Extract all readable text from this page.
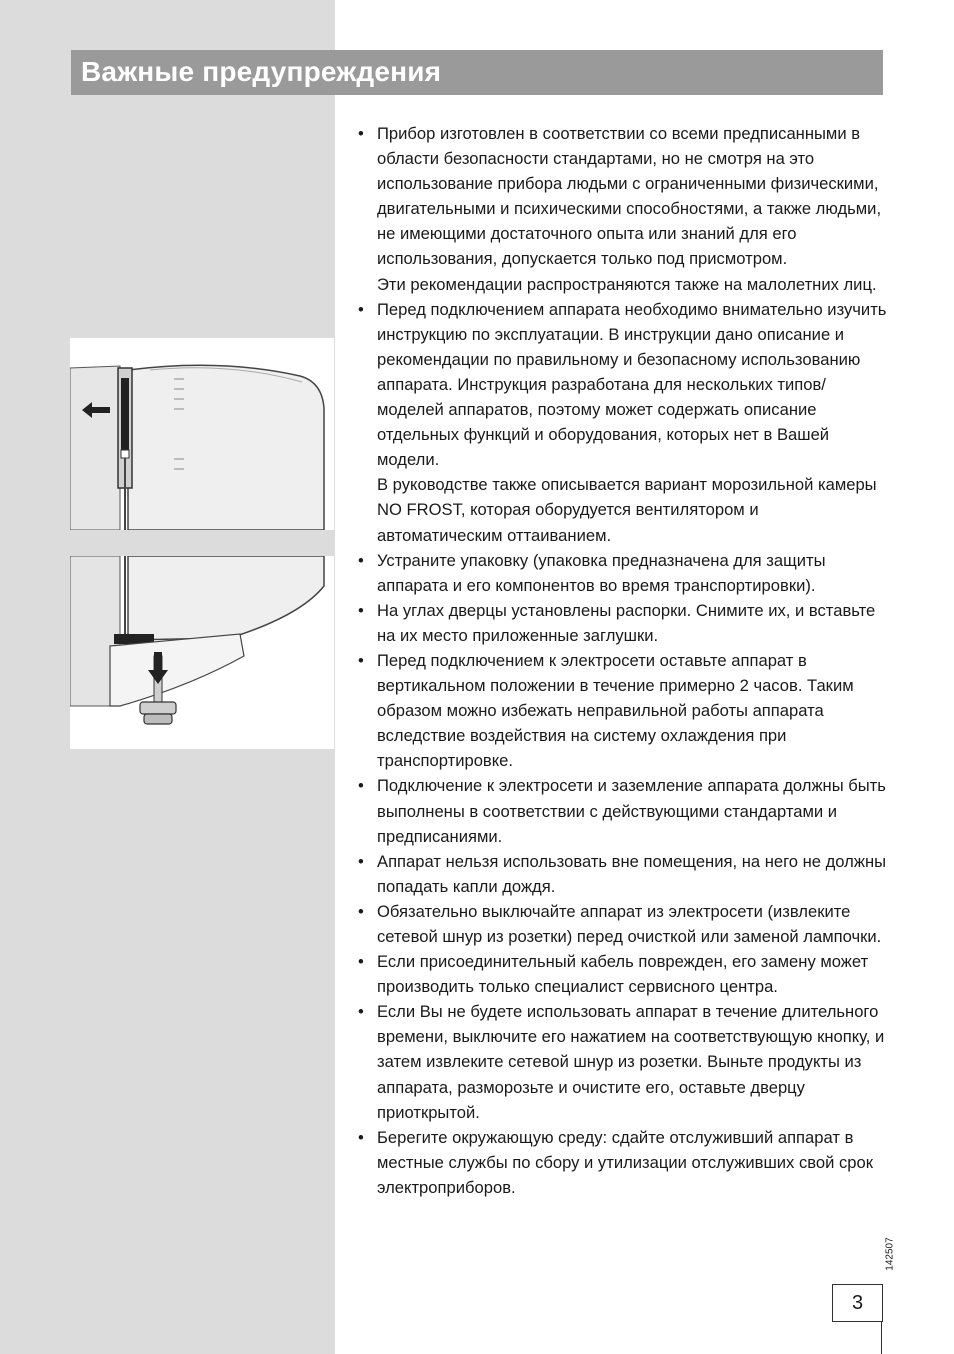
Важные предупреждения
• Прибор изготовлен в соответствии со всеми предписанными в области безопасности стандартами, но не смотря на это использование прибора людьми с ограниченными физическими, двигательными и психическими способностями, а также людьми, не имеющими достаточного опыта или знаний для его использования, допускается только под присмотром.
Эти рекомендации распространяются также на малолетних лиц.
• Перед подключением аппарата необходимо внимательно изучить инструкцию по эксплуатации. В инструкции дано описание и рекомендации по правильному и безопасному использованию аппарата. Инструкция разработана для нескольких типов/моделей аппаратов, поэтому может содержать описание отдельных функций и оборудования, которых нет в Вашей модели.
В руководстве также описывается вариант морозильной камеры NO FROST, которая оборудуется вентилятором и автоматическим оттаиванием.
• Устраните упаковку (упаковка предназначена для защиты аппарата и его компонентов во время транспортировки).
• На углах дверцы установлены распорки. Снимите их, и вставьте на их место приложенные заглушки.
• Перед подключением к электросети оставьте аппарат в вертикальном положении в течение примерно 2 часов. Таким образом можно избежать неправильной работы аппарата вследствие воздействия на систему охлаждения при транспортировке.
• Подключение к электросети и заземление аппарата должны быть выполнены в соответствии с действующими стандартами и предписаниями.
• Аппарат нельзя использовать вне помещения, на него не должны попадать капли дождя.
• Обязательно выключайте аппарат из электросети (извлеките сетевой шнур из розетки) перед очисткой или заменой лампочки.
• Если присоединительный кабель поврежден, его замену может производить только специалист сервисного центра.
• Если Вы не будете использовать аппарат в течение длительного времени, выключите его нажатием на соответствующую кнопку, и затем извлеките сетевой шнур из розетки. Выньте продукты из аппарата, разморозьте и очистите его, оставьте дверцу приоткрытой.
• Берегите окружающую среду: сдайте отслуживший аппарат в местные службы по сбору и утилизации отслуживших свой срок электроприборов.
142507
3
